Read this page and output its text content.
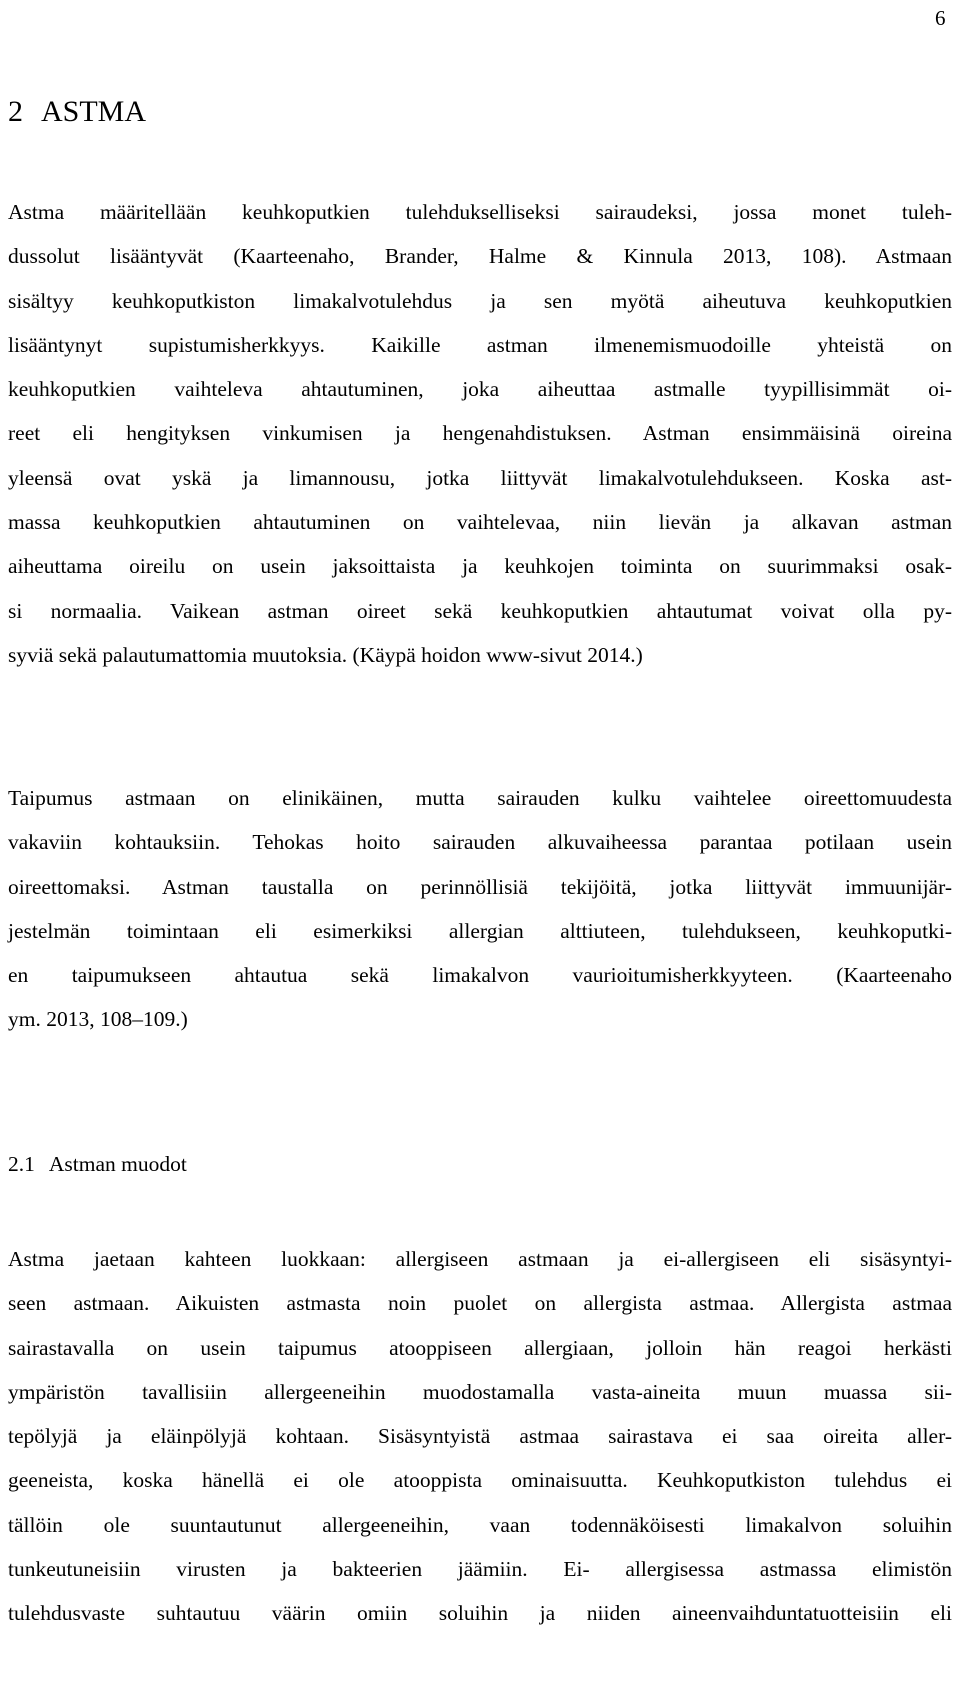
6
2 ASTMA
Astma määritellään keuhkoputkien tulehdukselliseksi sairaudeksi, jossa monet tuleh-
dussolut lisääntyvät (Kaarteenaho, Brander, Halme & Kinnula 2013, 108). Astmaan
sisältyy keuhkoputkiston limakalvotulehdus ja sen myötä aiheutuva keuhkoputkien
lisääntynyt supistumisherkkyys. Kaikille astman ilmenemismuodoille yhteistä on
keuhkoputkien vaihteleva ahtautuminen, joka aiheuttaa astmalle tyypillisimmät oi-
reet eli hengityksen vinkumisen ja hengenahdistuksen. Astman ensimmäisinä oireina
yleensä ovat yskä ja limannousu, jotka liittyvät limakalvotulehdukseen. Koska ast-
massa keuhkoputkien ahtautuminen on vaihtelevaa, niin lievän ja alkavan astman
aiheuttama oireilu on usein jaksoittaista ja keuhkojen toiminta on suurimmaksi osak-
si normaalia. Vaikean astman oireet sekä keuhkoputkien ahtautumat voivat olla py-
syviä sekä palautumattomia muutoksia. (Käypä hoidon www-sivut 2014.)
Taipumus astmaan on elinikäinen, mutta sairauden kulku vaihtelee oireettomuudesta
vakaviin kohtauksiin. Tehokas hoito sairauden alkuvaiheessa parantaa potilaan usein
oireettomaksi. Astman taustalla on perinnöllisiä tekijöitä, jotka liittyvät immuunijär-
jestelmän toimintaan eli esimerkiksi allergian alttiuteen, tulehdukseen, keuhkoputki-
en taipumukseen ahtautua sekä limakalvon vaurioitumisherkkyyteen. (Kaarteenaho
ym. 2013, 108–109.)
2.1 Astman muodot
Astma jaetaan kahteen luokkaan: allergiseen astmaan ja ei-allergiseen eli sisäsyntyi-
seen astmaan. Aikuisten astmasta noin puolet on allergista astmaa. Allergista astmaa
sairastavalla on usein taipumus atooppiseen allergiaan, jolloin hän reagoi herkästi
ympäristön tavallisiin allergeeneihin muodostamalla vasta-aineita muun muassa sii-
tepölyjä ja eläinpölyjä kohtaan. Sisäsyntyistä astmaa sairastava ei saa oireita aller-
geeneista, koska hänellä ei ole atooppista ominaisuutta. Keuhkoputkiston tulehdus ei
tällöin ole suuntautunut allergeeneihin, vaan todennäköisesti limakalvon soluihin
tunkeutuneisiin virusten ja bakteerien jäämiin. Ei- allergisessa astmassa elimistön
tulehdusvaste suhtautuu väärin omiin soluihin ja niiden aineenvaihduntatuotteisiin eli
